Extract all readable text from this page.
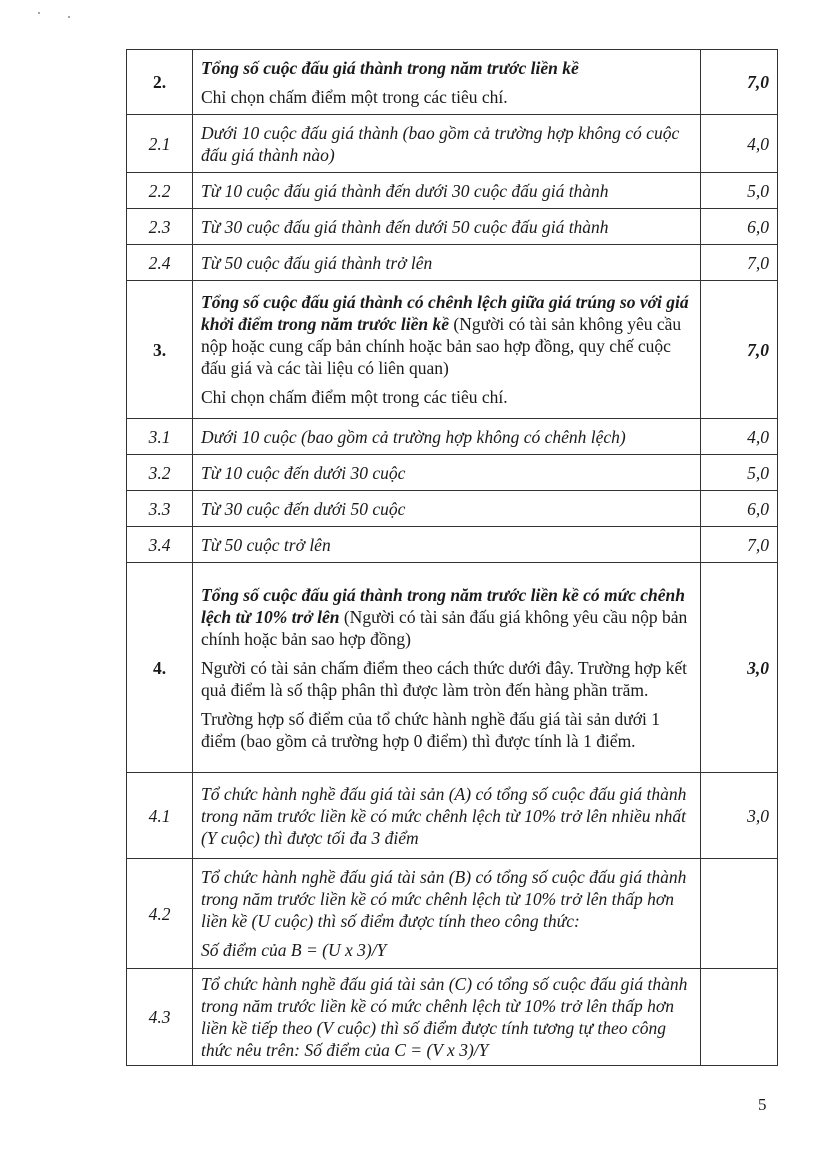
2.	Tổng số cuộc đấu giá thành trong năm trước liền kề
Chỉ chọn chấm điểm một trong các tiêu chí.	7,0
2.1	Dưới 10 cuộc đấu giá thành (bao gồm cả trường hợp không có cuộc đấu giá thành nào)	4,0
2.2	Từ 10 cuộc đấu giá thành đến dưới 30 cuộc đấu giá thành	5,0
2.3	Từ 30 cuộc đấu giá thành đến dưới 50 cuộc đấu giá thành	6,0
2.4	Từ 50 cuộc đấu giá thành trở lên	7,0
3.	Tổng số cuộc đấu giá thành có chênh lệch giữa giá trúng so với giá khởi điểm trong năm trước liền kề (Người có tài sản không yêu cầu nộp hoặc cung cấp bản chính hoặc bản sao hợp đồng, quy chế cuộc đấu giá và các tài liệu có liên quan)
Chỉ chọn chấm điểm một trong các tiêu chí.	7,0
3.1	Dưới 10 cuộc (bao gồm cả trường hợp không có chênh lệch)	4,0
3.2	Từ 10 cuộc đến dưới 30 cuộc	5,0
3.3	Từ 30 cuộc đến dưới 50 cuộc	6,0
3.4	Từ 50 cuộc trở lên	7,0
4.	Tổng số cuộc đấu giá thành trong năm trước liền kề có mức chênh lệch từ 10% trở lên (Người có tài sản đấu giá không yêu cầu nộp bản chính hoặc bản sao hợp đồng)
Người có tài sản chấm điểm theo cách thức dưới đây. Trường hợp kết quả điểm là số thập phân thì được làm tròn đến hàng phần trăm.
Trường hợp số điểm của tổ chức hành nghề đấu giá tài sản dưới 1 điểm (bao gồm cả trường hợp 0 điểm) thì được tính là 1 điểm.	3,0
4.1	Tổ chức hành nghề đấu giá tài sản (A) có tổng số cuộc đấu giá thành trong năm trước liền kề có mức chênh lệch từ 10% trở lên nhiều nhất (Y cuộc) thì được tối đa 3 điểm	3,0
4.2	Tổ chức hành nghề đấu giá tài sản (B) có tổng số cuộc đấu giá thành trong năm trước liền kề có mức chênh lệch từ 10% trở lên thấp hơn liền kề (U cuộc) thì số điểm được tính theo công thức:
Số điểm của B = (U x 3)/Y	

4.3	Tổ chức hành nghề đấu giá tài sản (C) có tổng số cuộc đấu giá thành trong năm trước liền kề có mức chênh lệch từ 10% trở lên thấp hơn liền kề tiếp theo (V cuộc) thì số điểm được tính tương tự theo công thức nêu trên: Số điểm của C = (V x 3)/Y	

5
